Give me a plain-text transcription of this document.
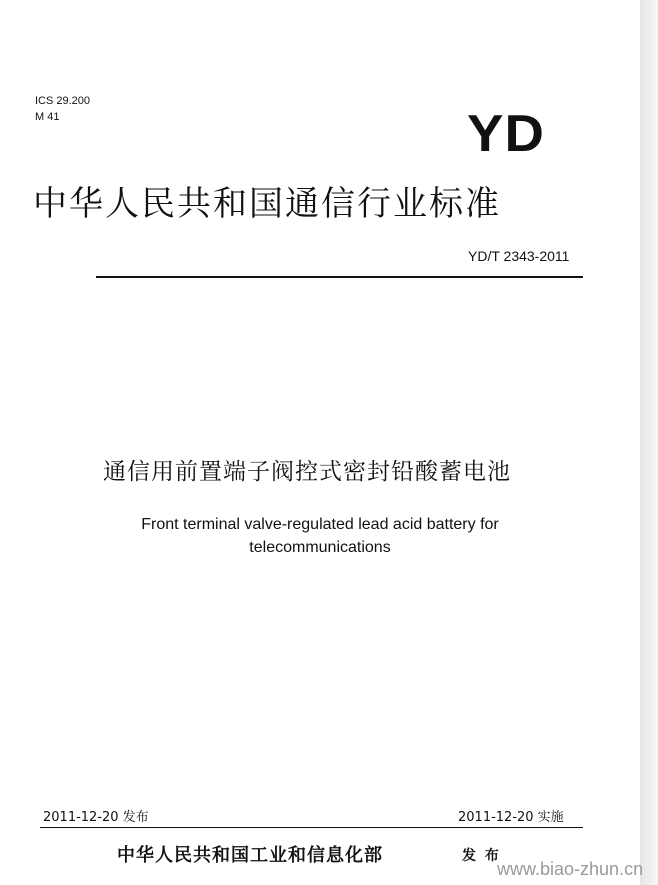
ICS 29.200
M 41	YD
中华人民共和国通信行业标准
YD/T 2343-2011
通信用前置端子阀控式密封铅酸蓄电池
Front terminal valve-regulated lead acid battery for
telecommunications
2011-12-20 发布	2011-12-20 实施
中华人民共和国工业和信息化部	发 布
www.biao-zhun.cn
